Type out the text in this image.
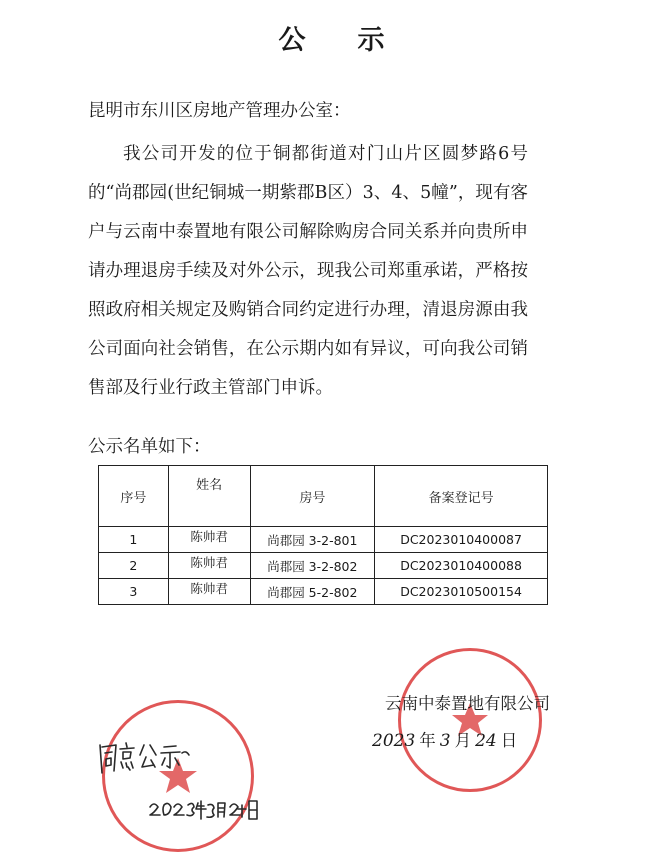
公示
昆明市东川区房地产管理办公室：
我公司开发的位于铜都街道对门山片区圆梦路6号的“尚郡园(世纪铜城一期紫郡B区）3、4、5幢”，现有客户与云南中泰置地有限公司解除购房合同关系并向贵所申请办理退房手续及对外公示，现我公司郑重承诺，严格按照政府相关规定及购销合同约定进行办理，清退房源由我公司面向社会销售，在公示期内如有异议，可向我公司销售部及行业行政主管部门申诉。
公示名单如下：
序号	姓名	房号	备案登记号
1	陈帅君	尚郡园 3-2-801	DC2023010400087
2	陈帅君	尚郡园 3-2-802	DC2023010400088
3	陈帅君	尚郡园 5-2-802	DC2023010500154
云南中泰置地有限公司
2023 年 3 月 24 日
